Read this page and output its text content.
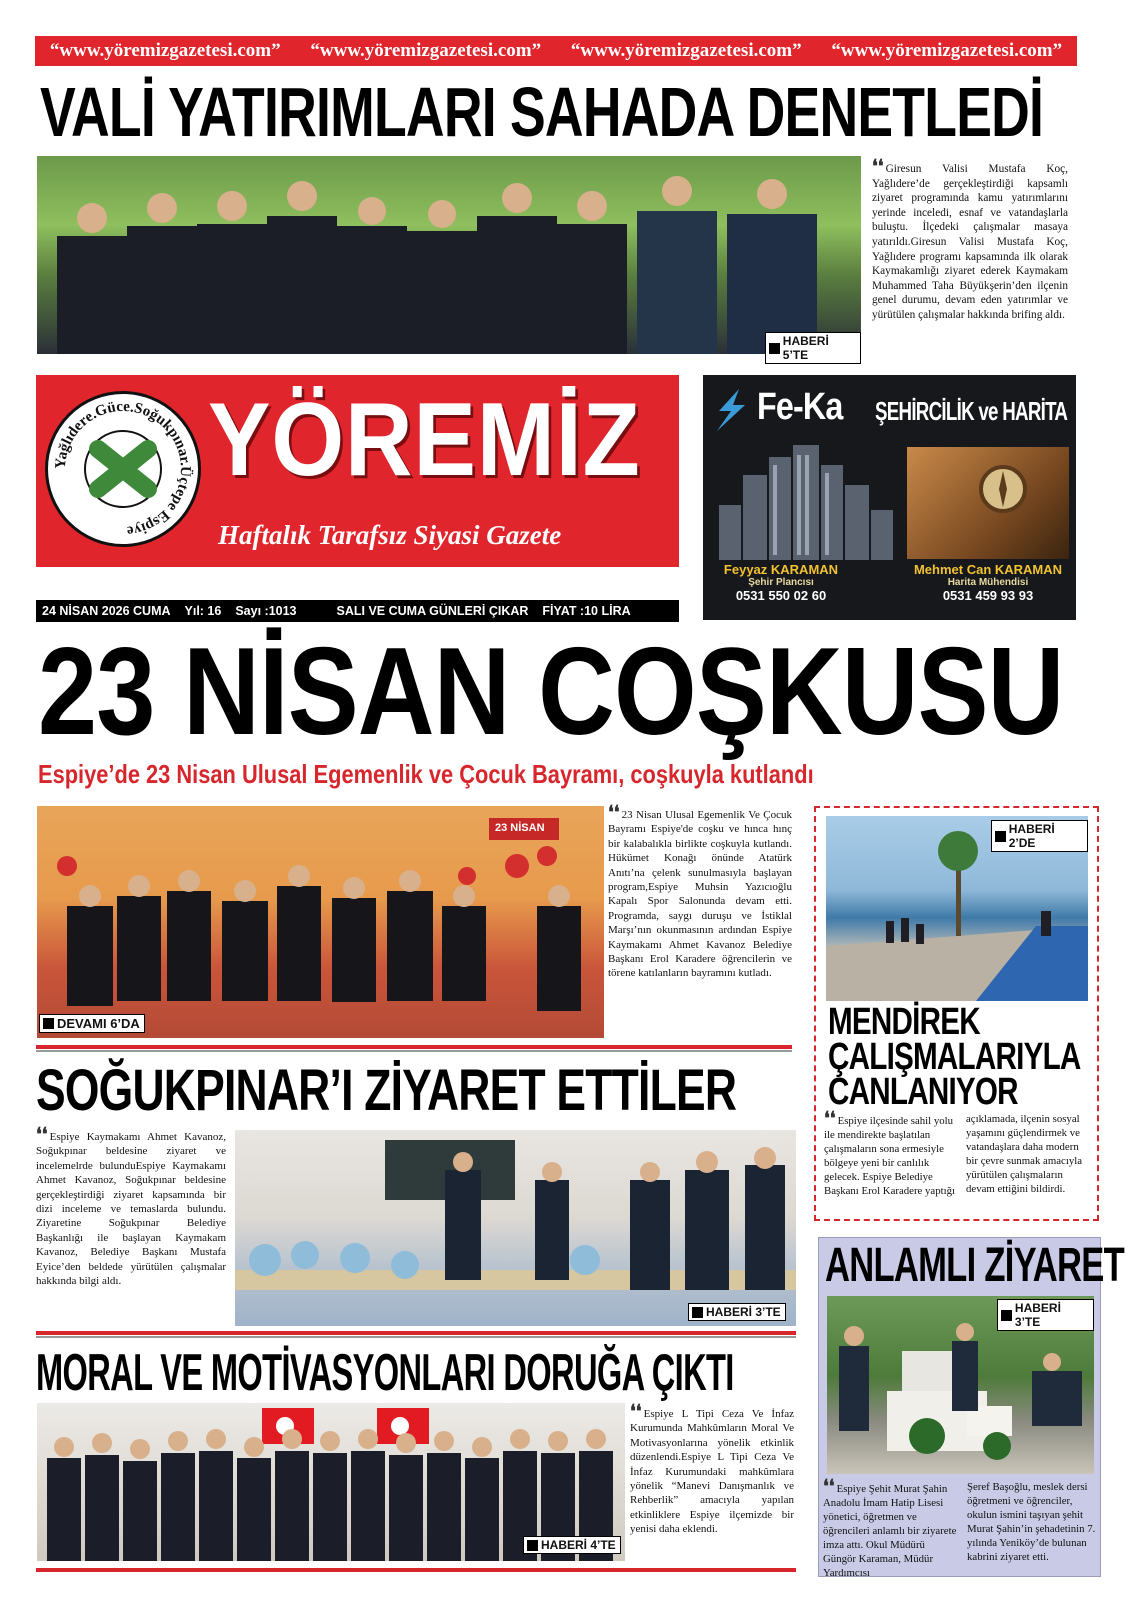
“www.yöremizgazetesi.com” “www.yöremizgazetesi.com” “www.yöremizgazetesi.com” “www.yöremizgazetesi.com”
VALİ YATIRIMLARI SAHADA DENETLEDİ
HABERİ 5’TE
❛❛ Giresun Valisi Mustafa Koç, Yağlıdere’de gerçekleştirdiği kapsamlı ziyaret programında kamu yatırımlarını yerinde inceledi, esnaf ve vatandaşlarla buluştu. İlçedeki çalışmalar masaya yatırıldı.Giresun Valisi Mustafa Koç, Yağlıdere programı kapsamında ilk olarak Kaymakamlığı ziyaret ederek Kaymakam Muhammed Taha Büyükşerin’den ilçenin genel durumu, devam eden yatırımlar ve yürütülen çalışmalar hakkında brifing aldı.
Yağlıdere.Güce.Soğukpınar.Üçtepe Espiye
YÖREMİZ
Haftalık Tarafsız Siyasi Gazete
Fe-Ka ŞEHİRCİLİK ve HARİTA
Feyyaz KARAMAN
Şehir Plancısı
0531 550 02 60
Mehmet Can KARAMAN
Harita Mühendisi
0531 459 93 93
24 NİSAN 2026 CUMA Yıl: 16 Sayı :1013	SALI VE CUMA GÜNLERİ ÇIKAR FİYAT :10 LİRA
23 NİSAN COŞKUSU
Espiye’de 23 Nisan Ulusal Egemenlik ve Çocuk Bayramı, coşkuyla kutlandı
23 NİSAN
DEVAMI 6’DA
❛❛ 23 Nisan Ulusal Egemenlik Ve Çocuk Bayramı Espiye'de coşku ve hınca hınç bir kalabalıkla birlikte coşkuyla kutlandı. Hükümet Konağı önünde Atatürk Anıtı’na çelenk sunulmasıyla başlayan program,Espiye Muhsin Yazıcıoğlu Kapalı Spor Salonunda devam etti. Programda, saygı duruşu ve İstiklal Marşı’nın okunmasının ardından Espiye Kaymakamı Ahmet Kavanoz Belediye Başkanı Erol Karadere öğrencilerin ve törene katılanların bayramını kutladı.
HABERİ 2’DE
MENDİREK
ÇALIŞMALARIYLA
CANLANIYOR
❛❛ Espiye ilçesinde sahil yolu ile mendirekte başlatılan çalışmaların sona ermesiyle bölgeye yeni bir canlılık gelecek. Espiye Belediye Başkanı Erol Karadere yaptığı
açıklamada, ilçenin sosyal yaşamını güçlendirmek ve vatandaşlara daha modern bir çevre sunmak amacıyla yürütülen çalışmaların devam ettiğini bildirdi.
SOĞUKPINAR’I ZİYARET ETTİLER
❛❛ Espiye Kaymakamı Ahmet Kavanoz, Soğukpınar beldesine ziyaret ve incelemelrde bulunduEspiye Kaymakamı Ahmet Kavanoz, Soğukpınar beldesine gerçekleştirdiği ziyaret kapsamında bir dizi inceleme ve temaslarda bulundu. Ziyaretine Soğukpınar Belediye Başkanlığı ile başlayan Kaymakam Kavanoz, Belediye Başkanı Mustafa Eyice’den beldede yürütülen çalışmalar hakkında bilgi aldı.
HABERİ 3’TE
ANLAMLI ZİYARET
HABERİ 3’TE
❛❛ Espiye Şehit Murat Şahin Anadolu İmam Hatip Lisesi yönetici, öğretmen ve öğrencileri anlamlı bir ziyarete imza attı. Okul Müdürü Güngör Karaman, Müdür Yardımcısı
Şeref Başoğlu, meslek dersi öğretmeni ve öğrenciler, okulun ismini taşıyan şehit Murat Şahin’in şehadetinin 7. yılında Yeniköy’de bulunan kabrini ziyaret etti.
MORAL VE MOTİVASYONLARI DORUĞA ÇIKTI
HABERİ 4’TE
❛❛ Espiye L Tipi Ceza Ve İnfaz Kurumunda Mahkûmların Moral Ve Motivasyonlarına yönelik etkinlik düzenlendi.Espiye L Tipi Ceza Ve İnfaz Kurumundaki mahkûmlara yönelik “Manevi Danışmanlık ve Rehberlik” amacıyla yapılan etkinliklere Espiye ilçemizde bir yenisi daha eklendi.
